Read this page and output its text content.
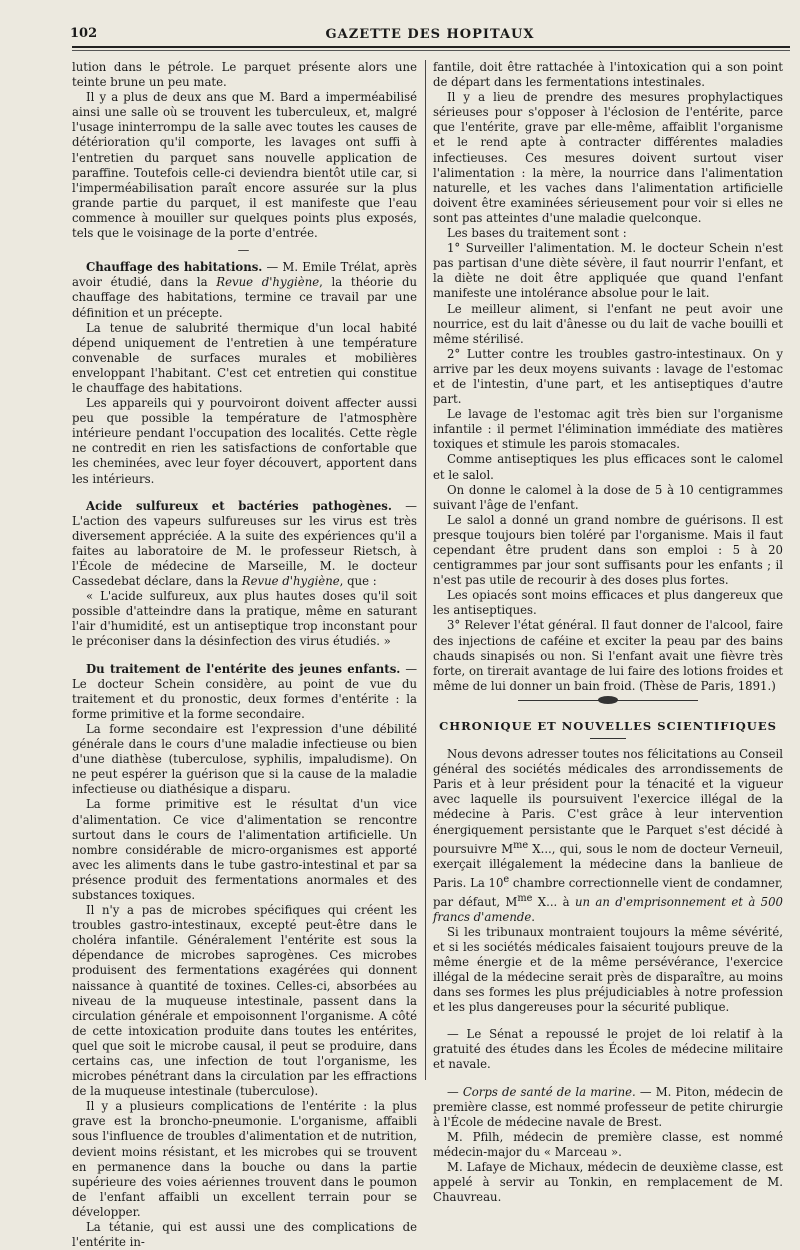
102	GAZETTE DES HOPITAUX

lution dans le pétrole. Le parquet présente alors une teinte brune un peu mate.

Il y a plus de deux ans que M. Bard a imperméabilisé ainsi une salle où se trouvent les tuberculeux, et, malgré l'usage ininterrompu de la salle avec toutes les causes de détérioration qu'il comporte, les lavages ont suffi à l'entretien du parquet sans nouvelle application de paraffine. Toutefois celle-ci deviendra bientôt utile car, si l'imperméabilisation paraît encore assurée sur la plus grande partie du parquet, il est manifeste que l'eau commence à mouiller sur quelques points plus exposés, tels que le voisinage de la porte d'entrée.

—

Chauffage des habitations. — M. Emile Trélat, après avoir étudié, dans la Revue d'hygiène, la théorie du chauffage des habitations, termine ce travail par une définition et un précepte.

La tenue de salubrité thermique d'un local habité dépend uniquement de l'entretien à une température convenable de surfaces murales et mobilières enveloppant l'habitant. C'est cet entretien qui constitue le chauffage des habitations.

Les appareils qui y pourvoiront doivent affecter aussi peu que possible la température de l'atmosphère intérieure pendant l'occupation des localités. Cette règle ne contredit en rien les satisfactions de confortable que les cheminées, avec leur foyer découvert, apportent dans les intérieurs.

Acide sulfureux et bactéries pathogènes. — L'action des vapeurs sulfureuses sur les virus est très diversement appréciée. A la suite des expériences qu'il a faites au laboratoire de M. le professeur Rietsch, à l'École de médecine de Marseille, M. le docteur Cassedebat déclare, dans la Revue d'hygiène, que :

« L'acide sulfureux, aux plus hautes doses qu'il soit possible d'atteindre dans la pratique, même en saturant l'air d'humidité, est un antiseptique trop inconstant pour le préconiser dans la désinfection des virus étudiés. »

Du traitement de l'entérite des jeunes enfants. — Le docteur Schein considère, au point de vue du traitement et du pronostic, deux formes d'entérite : la forme primitive et la forme secondaire.

La forme secondaire est l'expression d'une débilité générale dans le cours d'une maladie infectieuse ou bien d'une diathèse (tuberculose, syphilis, impaludisme). On ne peut espérer la guérison que si la cause de la maladie infectieuse ou diathésique a disparu.

La forme primitive est le résultat d'un vice d'alimentation. Ce vice d'alimentation se rencontre surtout dans le cours de l'alimentation artificielle. Un nombre considérable de micro-organismes est apporté avec les aliments dans le tube gastro-intestinal et par sa présence produit des fermentations anormales et des substances toxiques.

Il n'y a pas de microbes spécifiques qui créent les troubles gastro-intestinaux, excepté peut-être dans le choléra infantile. Généralement l'entérite est sous la dépendance de microbes saprogènes. Ces microbes produisent des fermentations exagérées qui donnent naissance à quantité de toxines. Celles-ci, absorbées au niveau de la muqueuse intestinale, passent dans la circulation générale et empoisonnent l'organisme. A côté de cette intoxication produite dans toutes les entérites, quel que soit le microbe causal, il peut se produire, dans certains cas, une infection de tout l'organisme, les microbes pénétrant dans la circulation par les effractions de la muqueuse intestinale (tuberculose).

Il y a plusieurs complications de l'entérite : la plus grave est la broncho-pneumonie. L'organisme, affaibli sous l'influence de troubles d'alimentation et de nutrition, devient moins résistant, et les microbes qui se trouvent en permanence dans la bouche ou dans la partie supérieure des voies aériennes trouvent dans le poumon de l'enfant affaibli un excellent terrain pour se développer.

La tétanie, qui est aussi une des complications de l'entérite in-

fantile, doit être rattachée à l'intoxication qui a son point de départ dans les fermentations intestinales.

Il y a lieu de prendre des mesures prophylactiques sérieuses pour s'opposer à l'éclosion de l'entérite, parce que l'entérite, grave par elle-même, affaiblit l'organisme et le rend apte à contracter différentes maladies infectieuses. Ces mesures doivent surtout viser l'alimentation : la mère, la nourrice dans l'alimentation naturelle, et les vaches dans l'alimentation artificielle doivent être examinées sérieusement pour voir si elles ne sont pas atteintes d'une maladie quelconque.

Les bases du traitement sont :

1° Surveiller l'alimentation. M. le docteur Schein n'est pas partisan d'une diète sévère, il faut nourrir l'enfant, et la diète ne doit être appliquée que quand l'enfant manifeste une intolérance absolue pour le lait.

Le meilleur aliment, si l'enfant ne peut avoir une nourrice, est du lait d'ânesse ou du lait de vache bouilli et même stérilisé.

2° Lutter contre les troubles gastro-intestinaux. On y arrive par les deux moyens suivants : lavage de l'estomac et de l'intestin, d'une part, et les antiseptiques d'autre part.

Le lavage de l'estomac agit très bien sur l'organisme infantile : il permet l'élimination immédiate des matières toxiques et stimule les parois stomacales.

Comme antiseptiques les plus efficaces sont le calomel et le salol.

On donne le calomel à la dose de 5 à 10 centigrammes suivant l'âge de l'enfant.

Le salol a donné un grand nombre de guérisons. Il est presque toujours bien toléré par l'organisme. Mais il faut cependant être prudent dans son emploi : 5 à 20 centigrammes par jour sont suffisants pour les enfants ; il n'est pas utile de recourir à des doses plus fortes.

Les opiacés sont moins efficaces et plus dangereux que les antiseptiques.

3° Relever l'état général. Il faut donner de l'alcool, faire des injections de caféine et exciter la peau par des bains chauds sinapisés ou non. Si l'enfant avait une fièvre très forte, on tirerait avantage de lui faire des lotions froides et même de lui donner un bain froid. (Thèse de Paris, 1891.)

CHRONIQUE ET NOUVELLES SCIENTIFIQUES

Nous devons adresser toutes nos félicitations au Conseil général des sociétés médicales des arrondissements de Paris et à leur président pour la ténacité et la vigueur avec laquelle ils poursuivent l'exercice illégal de la médecine à Paris. C'est grâce à leur intervention énergiquement persistante que le Parquet s'est décidé à poursuivre $M^{me}$ X..., qui, sous le nom de docteur Verneuil, exerçait illégalement la médecine dans la banlieue de Paris. La 10e chambre correctionnelle vient de condamner, par défaut, $M^{me}$ X... à un an d'emprisonnement et à 500 francs d'amende.

Si les tribunaux montraient toujours la même sévérité, et si les sociétés médicales faisaient toujours preuve de la même énergie et de la même persévérance, l'exercice illégal de la médecine serait près de disparaître, au moins dans ses formes les plus préjudiciables à notre profession et les plus dangereuses pour la sécurité publique.

— Le Sénat a repoussé le projet de loi relatif à la gratuité des études dans les Écoles de médecine militaire et navale.

— Corps de santé de la marine. — M. Piton, médecin de première classe, est nommé professeur de petite chirurgie à l'École de médecine navale de Brest.

M. Pfilh, médecin de première classe, est nommé médecin-major du « Marceau ».

M. Lafaye de Michaux, médecin de deuxième classe, est appelé à servir au Tonkin, en remplacement de M. Chauvreau.
